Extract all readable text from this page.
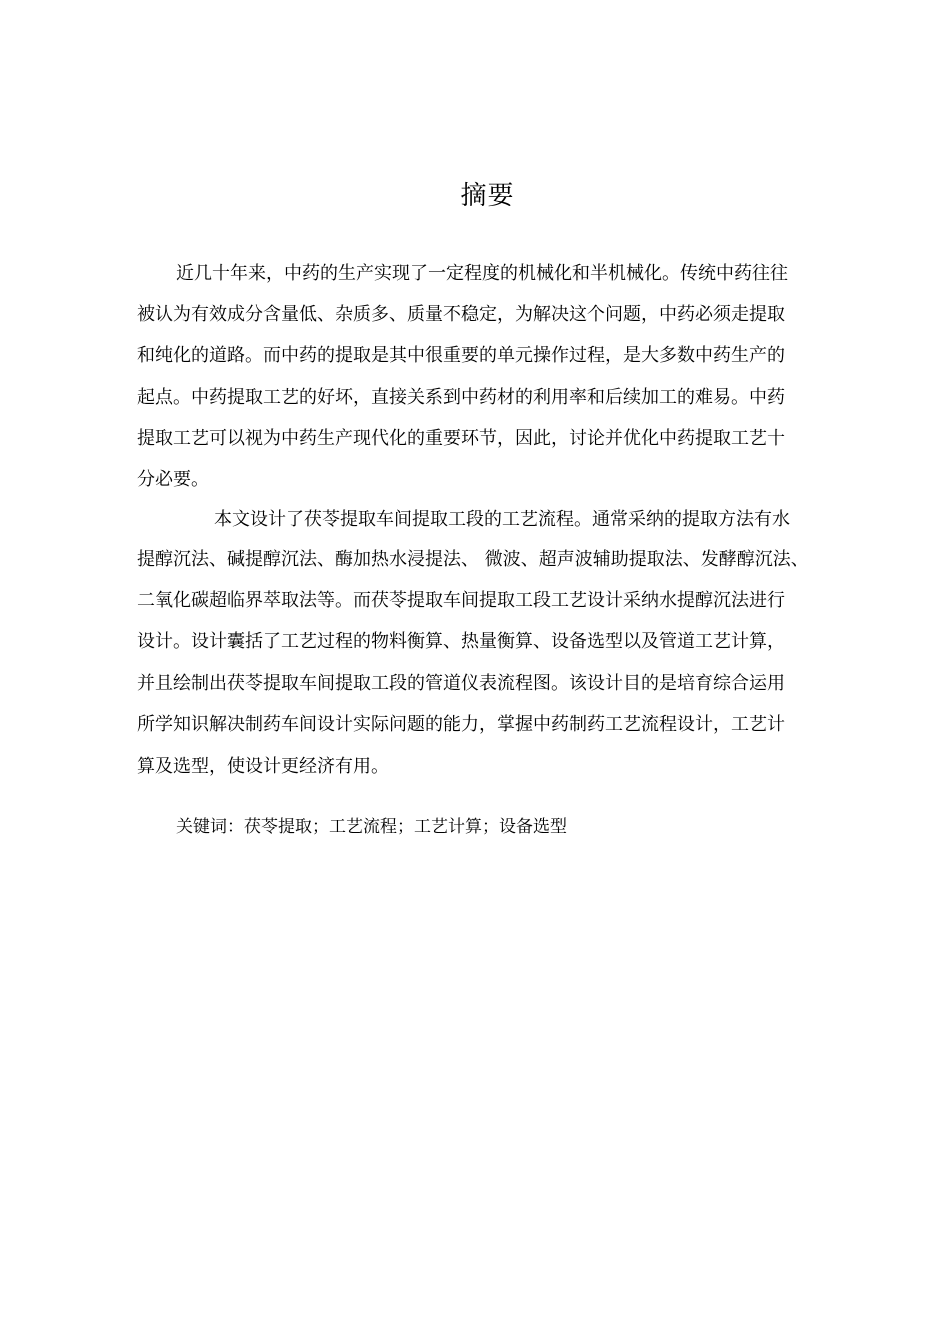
摘要
近几十年来，中药的生产实现了一定程度的机械化和半机械化。传统中药往往
被认为有效成分含量低、杂质多、质量不稳定，为解决这个问题，中药必须走提取
和纯化的道路。而中药的提取是其中很重要的单元操作过程，是大多数中药生产的
起点。中药提取工艺的好坏，直接关系到中药材的利用率和后续加工的难易。中药
提取工艺可以视为中药生产现代化的重要环节，因此，讨论并优化中药提取工艺十
分必要。
本文设计了茯苓提取车间提取工段的工艺流程。通常采纳的提取方法有水
提醇沉法、碱提醇沉法、酶加热水浸提法、 微波、超声波辅助提取法、发酵醇沉法、
二氧化碳超临界萃取法等。而茯苓提取车间提取工段工艺设计采纳水提醇沉法进行
设计。设计囊括了工艺过程的物料衡算、热量衡算、设备选型以及管道工艺计算，
并且绘制出茯苓提取车间提取工段的管道仪表流程图。该设计目的是培育综合运用
所学知识解决制药车间设计实际问题的能力，掌握中药制药工艺流程设计，工艺计
算及选型，使设计更经济有用。
关键词：茯苓提取；工艺流程；工艺计算；设备选型
